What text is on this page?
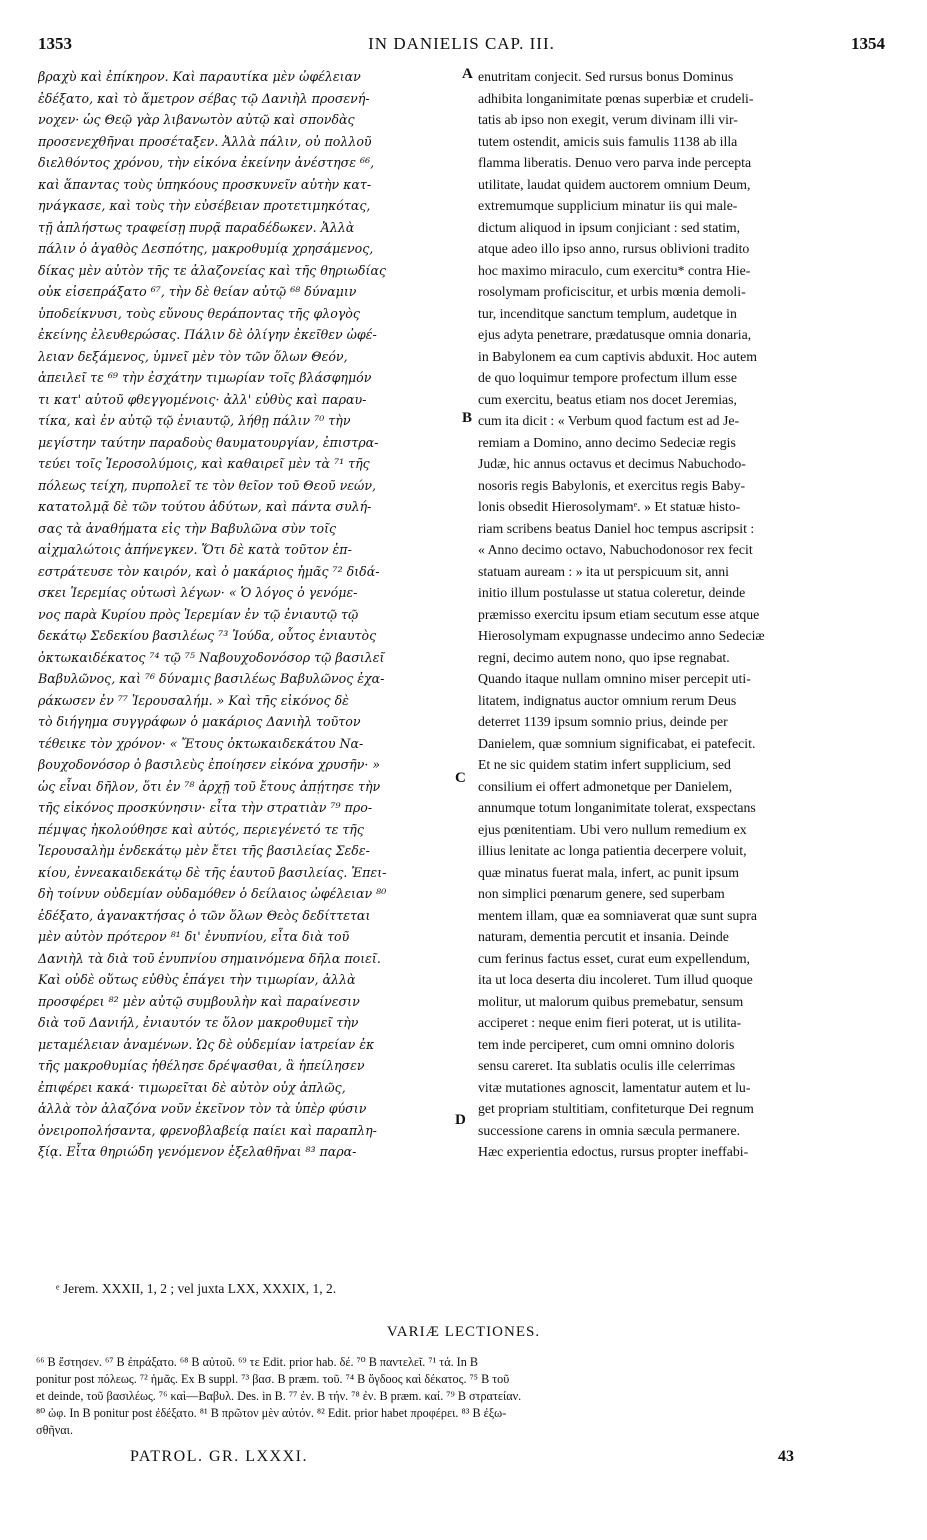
1353	IN DANIELIS CAP. III.	1354
βραχὺ καὶ ἐπίκηρον. Καὶ παραυτίκα μὲν ὠφέλειαν
ἐδέξατο, καὶ τὸ ἄμετρον σέβας τῷ Δανιὴλ προσενή-
νοχεν· ὡς Θεῷ γὰρ λιβανωτὸν αὐτῷ καὶ σπονδὰς
προσενεχθῆναι προσέταξεν. Ἀλλὰ πάλιν, οὐ πολλοῦ
διελθόντος χρόνου, τὴν εἰκόνα ἐκείνην ἀνέστησε ⁶⁶,
καὶ ἅπαντας τοὺς ὑπηκόους προσκυνεῖν αὐτὴν κατ-
ηνάγκασε, καὶ τοὺς τὴν εὐσέβειαν προτετιμηκότας,
τῇ ἀπλήστως τραφείσῃ πυρᾷ παραδέδωκεν. Ἀλλὰ
πάλιν ὁ ἀγαθὸς Δεσπότης, μακροθυμίᾳ χρησάμενος,
δίκας μὲν αὐτὸν τῆς τε ἀλαζονείας καὶ τῆς θηριωδίας
οὐκ εἰσεπράξατο ⁶⁷, τὴν δὲ θείαν αὐτῷ ⁶⁸ δύναμιν
ὑποδείκνυσι, τοὺς εὔνους θεράποντας τῆς φλογὸς
ἐκείνης ἐλευθερώσας. Πάλιν δὲ ὀλίγην ἐκεῖθεν ὠφέ-
λειαν δεξάμενος, ὑμνεῖ μὲν τὸν τῶν ὅλων Θεόν,
ἀπειλεῖ τε ⁶⁹ τὴν ἐσχάτην τιμωρίαν τοῖς βλάσφημόν
τι κατ' αὐτοῦ φθεγγομένοις· ἀλλ' εὐθὺς καὶ παραυ-
τίκα, καὶ ἐν αὐτῷ τῷ ἐνιαυτῷ, λήθῃ πάλιν ⁷⁰ τὴν
μεγίστην ταύτην παραδοὺς θαυματουργίαν, ἐπιστρα-
τεύει τοῖς Ἱεροσολύμοις, καὶ καθαιρεῖ μὲν τὰ ⁷¹ τῆς
πόλεως τείχη, πυρπολεῖ τε τὸν θεῖον τοῦ Θεοῦ νεών,
κατατολμᾷ δὲ τῶν τούτου ἀδύτων, καὶ πάντα συλή-
σας τὰ ἀναθήματα εἰς τὴν Βαβυλῶνα σὺν τοῖς
αἰχμαλώτοις ἀπήνεγκεν. Ὅτι δὲ κατὰ τοῦτον ἐπ-
εστράτευσε τὸν καιρόν, καὶ ὁ μακάριος ἡμᾶς ⁷² διδά-
σκει Ἱερεμίας οὑτωσὶ λέγων· « Ὁ λόγος ὁ γενόμε-
νος παρὰ Κυρίου πρὸς Ἱερεμίαν ἐν τῷ ἐνιαυτῷ τῷ
δεκάτῳ Σεδεκίου βασιλέως ⁷³ Ἰούδα, οὗτος ἐνιαυτὸς
ὀκτωκαιδέκατος ⁷⁴ τῷ ⁷⁵ Ναβουχοδονόσορ τῷ βασιλεῖ
Βαβυλῶνος, καὶ ⁷⁶ δύναμις βασιλέως Βαβυλῶνος ἐχα-
ράκωσεν ἐν ⁷⁷ Ἱερουσαλήμ. » Καὶ τῆς εἰκόνος δὲ
τὸ διήγημα συγγράφων ὁ μακάριος Δανιὴλ τοῦτον
τέθεικε τὸν χρόνον· « Ἔτους ὀκτωκαιδεκάτου Να-
βουχοδονόσορ ὁ βασιλεὺς ἐποίησεν εἰκόνα χρυσῆν· »
ὡς εἶναι δῆλον, ὅτι ἐν ⁷⁸ ἀρχῇ τοῦ ἔτους ἀπῄτησε τὴν
τῆς εἰκόνος προσκύνησιν· εἶτα τὴν στρατιὰν ⁷⁹ προ-
πέμψας ἠκολούθησε καὶ αὐτός, περιεγένετό τε τῆς
Ἱερουσαλὴμ ἑνδεκάτῳ μὲν ἔτει τῆς βασιλείας Σεδε-
κίου, ἐννεακαιδεκάτῳ δὲ τῆς ἑαυτοῦ βασιλείας. Ἐπει-
δὴ τοίνυν οὐδεμίαν οὐδαμόθεν ὁ δείλαιος ὠφέλειαν ⁸⁰
ἐδέξατο, ἀγανακτήσας ὁ τῶν ὅλων Θεὸς δεδίττεται
μὲν αὐτὸν πρότερον ⁸¹ δι' ἐνυπνίου, εἶτα διὰ τοῦ
Δανιὴλ τὰ διὰ τοῦ ἐνυπνίου σημαινόμενα δῆλα ποιεῖ.
Καὶ οὐδὲ οὕτως εὐθὺς ἐπάγει τὴν τιμωρίαν, ἀλλὰ
προσφέρει ⁸² μὲν αὐτῷ συμβουλὴν καὶ παραίνεσιν
διὰ τοῦ Δανιήλ, ἐνιαυτόν τε ὅλον μακροθυμεῖ τὴν
μεταμέλειαν ἀναμένων. Ὡς δὲ οὐδεμίαν ἰατρείαν ἐκ
τῆς μακροθυμίας ἠθέλησε δρέψασθαι, ἃ ἠπείλησεν
ἐπιφέρει κακά· τιμωρεῖται δὲ αὐτὸν οὐχ ἁπλῶς,
ἀλλὰ τὸν ἀλαζόνα νοῦν ἐκεῖνον τὸν τὰ ὑπὲρ φύσιν
ὀνειροπολήσαντα, φρενοβλαβείᾳ παίει καὶ παραπλη-
ξίᾳ. Εἶτα θηριώδη γενόμενον ἐξελαθῆναι ⁸³ παρα-
enutritam conjecit. Sed rursus bonus Dominus
adhibita longanimitate pœnas superbiæ et crudeli-
tatis ab ipso non exegit, verum divinam illi vir-
tutem ostendit, amicis suis famulis 1138 ab illa
flamma liberatis. Denuo vero parva inde percepta
utilitate, laudat quidem auctorem omnium Deum,
extremumque supplicium minatur iis qui male-
dictum aliquod in ipsum conjiciant : sed statim,
atque adeo illo ipso anno, rursus oblivioni tradito
hoc maximo miraculo, cum exercitu* contra Hie-
rosolymam proficiscitur, et urbis mœnia demoli-
tur, incenditque sanctum templum, audetque in
ejus adyta penetrare, prædatusque omnia donaria,
in Babylonem ea cum captivis abduxit. Hoc autem
de quo loquimur tempore profectum illum esse
cum exercitu, beatus etiam nos docet Jeremias,
cum ita dicit : « Verbum quod factum est ad Je-
remiam a Domino, anno decimo Sedeciæ regis
Judæ, hic annus octavus et decimus Nabuchodo-
nosoris regis Babylonis, et exercitus regis Baby-
lonis obsedit Hierosolymamᵉ. » Et statuæ histo-
riam scribens beatus Daniel hoc tempus ascripsit :
« Anno decimo octavo, Nabuchodonosor rex fecit
statuam auream : » ita ut perspicuum sit, anni
initio illum postulasse ut statua coleretur, deinde
præmisso exercitu ipsum etiam secutum esse atque
Hierosolymam expugnasse undecimo anno Sedeciæ
regni, decimo autem nono, quo ipse regnabat.
Quando itaque nullam omnino miser percepit uti-
litatem, indignatus auctor omnium rerum Deus
deterret 1139 ipsum somnio prius, deinde per
Danielem, quæ somnium significabat, ei patefecit.
Et ne sic quidem statim infert supplicium, sed
consilium ei offert admonetque per Danielem,
annumque totum longanimitate tolerat, exspectans
ejus pœnitentiam. Ubi vero nullum remedium ex
illius lenitate ac longa patientia decerpere voluit,
quæ minatus fuerat mala, infert, ac punit ipsum
non simplici pœnarum genere, sed superbam
mentem illam, quæ ea somniaverat quæ sunt supra
naturam, dementia percutit et insania. Deinde
cum ferinus factus esset, curat eum expellendum,
ita ut loca deserta diu incoleret. Tum illud quoque
molitur, ut malorum quibus premebatur, sensum
acciperet : neque enim fieri poterat, ut is utilita-
tem inde perciperet, cum omni omnino doloris
sensu careret. Ita sublatis oculis ille celerrimas
vitæ mutationes agnoscit, lamentatur autem et lu-
get propriam stultitiam, confiteturque Dei regnum
successione carens in omnia sæcula permanere.
Hæc experientia edoctus, rursus propter ineffabi-
A
B
C
D
ᵉ Jerem. XXXII, 1, 2 ; vel juxta LXX, XXXIX, 1, 2.
VARIÆ LECTIONES.
⁶⁶ B ἔστησεν. ⁶⁷ B ἐπράξατο. ⁶⁸ B αὐτοῦ. ⁶⁹ τε Edit. prior hab. δέ. ⁷⁰ B παντελεῖ. ⁷¹ τά. In B
ponitur post πόλεως. ⁷² ἡμᾶς. Ex B suppl. ⁷³ βασ. B præm. τοῦ. ⁷⁴ B ὄγδοος καὶ δέκατος. ⁷⁵ B τοῦ
et deinde, τοῦ βασιλέως. ⁷⁶ καὶ—Βαβυλ. Des. in B. ⁷⁷ ἐν. B τήν. ⁷⁸ ἐν. B præm. καί. ⁷⁹ B στρατείαν.
⁸⁰ ὠφ. In B ponitur post ἐδέξατο. ⁸¹ B πρῶτον μὲν αὐτόν. ⁸² Edit. prior habet προφέρει. ⁸³ B ἐξω-
σθῆναι.
PATROL. GR. LXXXI.	43
